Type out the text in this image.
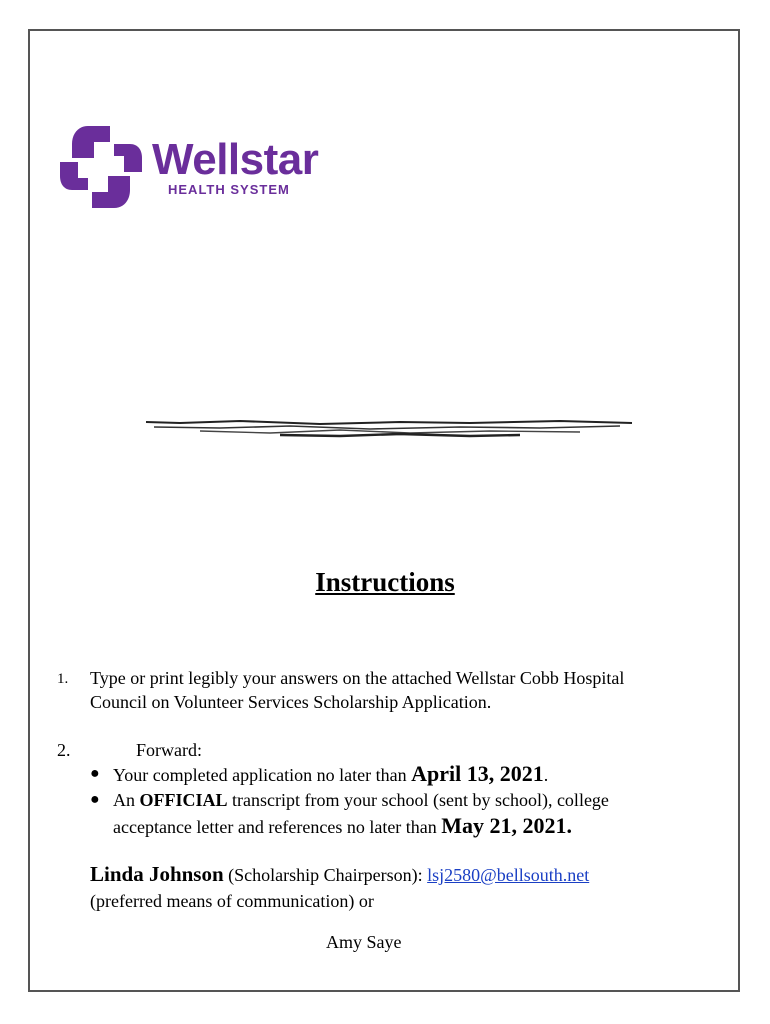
Wellstar
HEALTH SYSTEM
Instructions
1. Type or print legibly your answers on the attached Wellstar Cobb Hospital
Council on Volunteer Services Scholarship Application.
2.	Forward:
● Your completed application no later than April 13, 2021.
● An OFFICIAL transcript from your school (sent by school), college
acceptance letter and references no later than May 21, 2021.
Linda Johnson (Scholarship Chairperson): lsj2580@bellsouth.net
(preferred means of communication) or
Amy Saye
